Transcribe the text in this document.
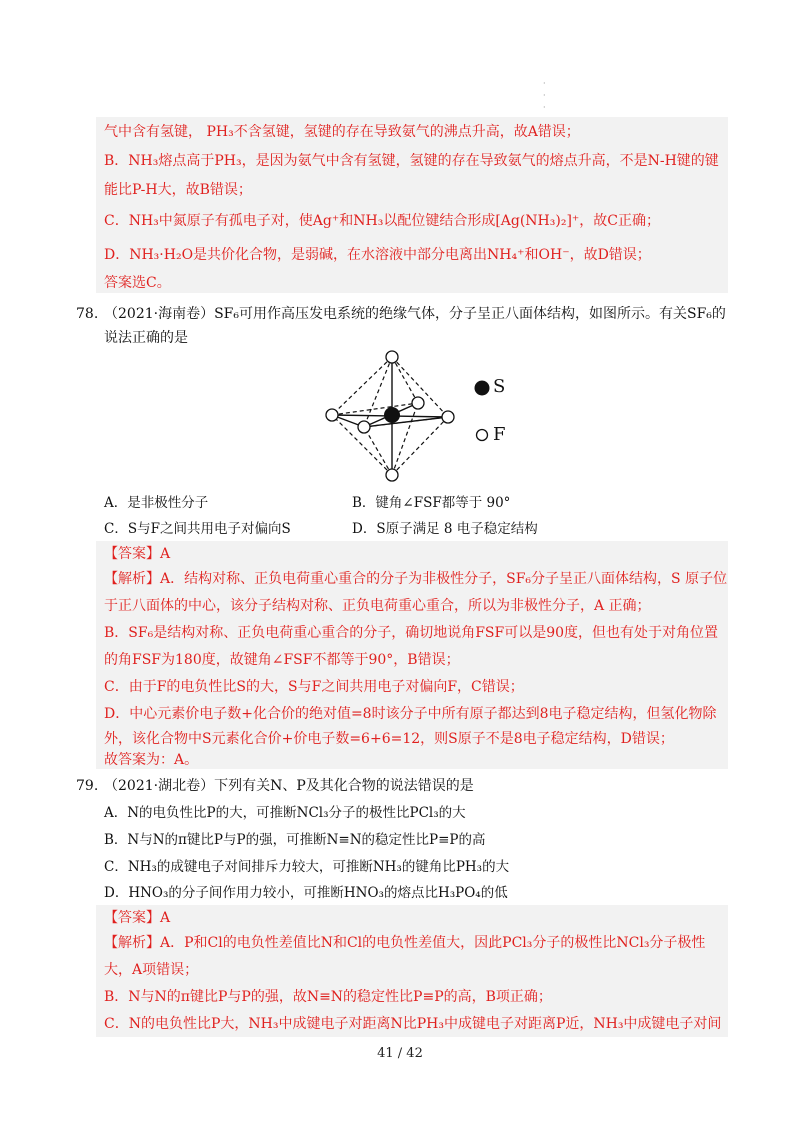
·
·
·
气中含有氢键， PH₃不含氢键，氢键的存在导致氨气的沸点升高，故A错误；
B．NH₃熔点高于PH₃，是因为氨气中含有氢键，氢键的存在导致氨气的熔点升高，不是N-H键的键
能比P-H大，故B错误；
C．NH₃中氮原子有孤电子对，使Ag⁺和NH₃以配位键结合形成[Ag(NH₃)₂]⁺，故C正确；
D．NH₃·H₂O是共价化合物，是弱碱，在水溶液中部分电离出NH₄⁺和OH⁻，故D错误；
答案选C。
78. （2021·海南卷）SF₆可用作高压发电系统的绝缘气体，分子呈正八面体结构，如图所示。有关SF₆的
说法正确的是
S
F
A．是非极性分子	B．键角∠FSF都等于 90°
C．S与F之间共用电子对偏向S	D．S原子满足 8 电子稳定结构
【答案】A
【解析】A．结构对称、正负电荷重心重合的分子为非极性分子，SF₆分子呈正八面体结构，S 原子位
于正八面体的中心，该分子结构对称、正负电荷重心重合，所以为非极性分子，A 正确；
B．SF₆是结构对称、正负电荷重心重合的分子，确切地说角FSF可以是90度，但也有处于对角位置
的角FSF为180度，故键角∠FSF不都等于90°，B错误；
C．由于F的电负性比S的大，S与F之间共用电子对偏向F，C错误；
D．中心元素价电子数+化合价的绝对值=8时该分子中所有原子都达到8电子稳定结构，但氢化物除
外，该化合物中S元素化合价+价电子数=6+6=12，则S原子不是8电子稳定结构，D错误；
故答案为：A。
79. （2021·湖北卷）下列有关N、P及其化合物的说法错误的是
A．N的电负性比P的大，可推断NCl₃分子的极性比PCl₃的大
B．N与N的π键比P与P的强，可推断N≡N的稳定性比P≡P的高
C．NH₃的成键电子对间排斥力较大，可推断NH₃的键角比PH₃的大
D．HNO₃的分子间作用力较小，可推断HNO₃的熔点比H₃PO₄的低
【答案】A
【解析】A．P和Cl的电负性差值比N和Cl的电负性差值大，因此PCl₃分子的极性比NCl₃分子极性
大，A项错误；
B．N与N的π键比P与P的强，故N≡N的稳定性比P≡P的高，B项正确；
C．N的电负性比P大，NH₃中成键电子对距离N比PH₃中成键电子对距离P近，NH₃中成键电子对间
41 / 42
